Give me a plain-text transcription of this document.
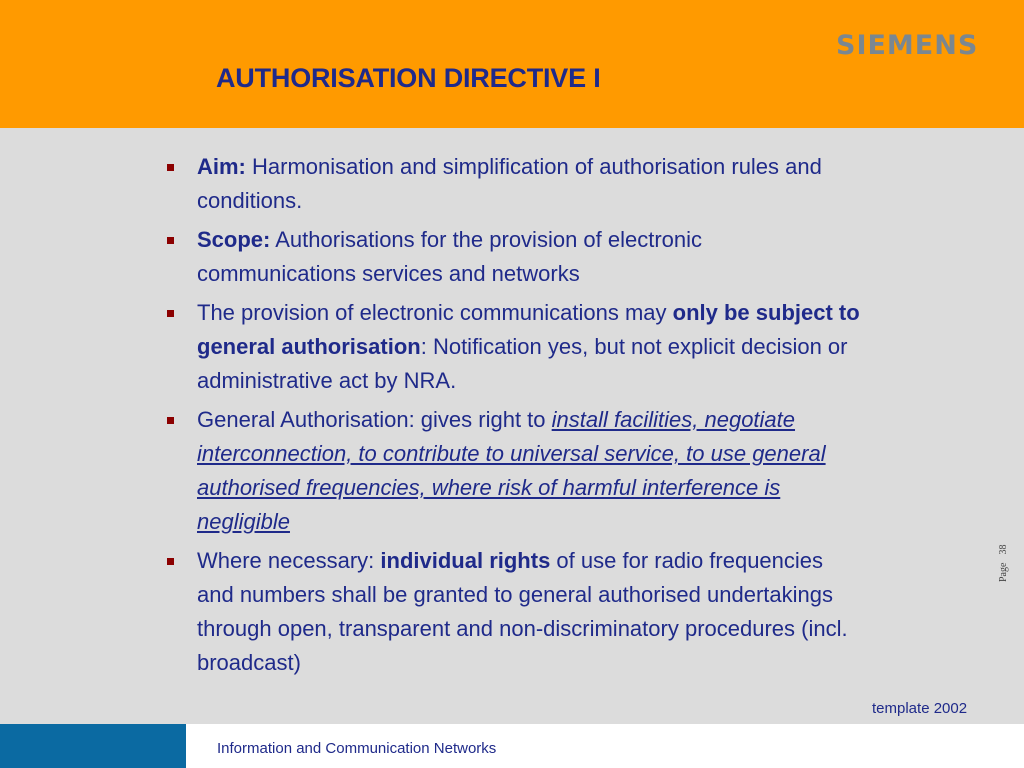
AUTHORISATION DIRECTIVE I
SIEMENS
Aim: Harmonisation and simplification of authorisation rules and conditions.
Scope: Authorisations for the provision of electronic communications services and networks
The provision of electronic communications may only be subject to general authorisation: Notification yes, but not explicit decision or administrative act by NRA.
General Authorisation: gives right to install facilities, negotiate interconnection, to contribute to universal service, to use general authorised frequencies, where risk of harmful interference is negligible
Where necessary: individual rights of use for radio frequencies and numbers shall be granted to general authorised undertakings through open, transparent and non-discriminatory procedures (incl. broadcast)
Page38
template 2002
Information and Communication Networks
